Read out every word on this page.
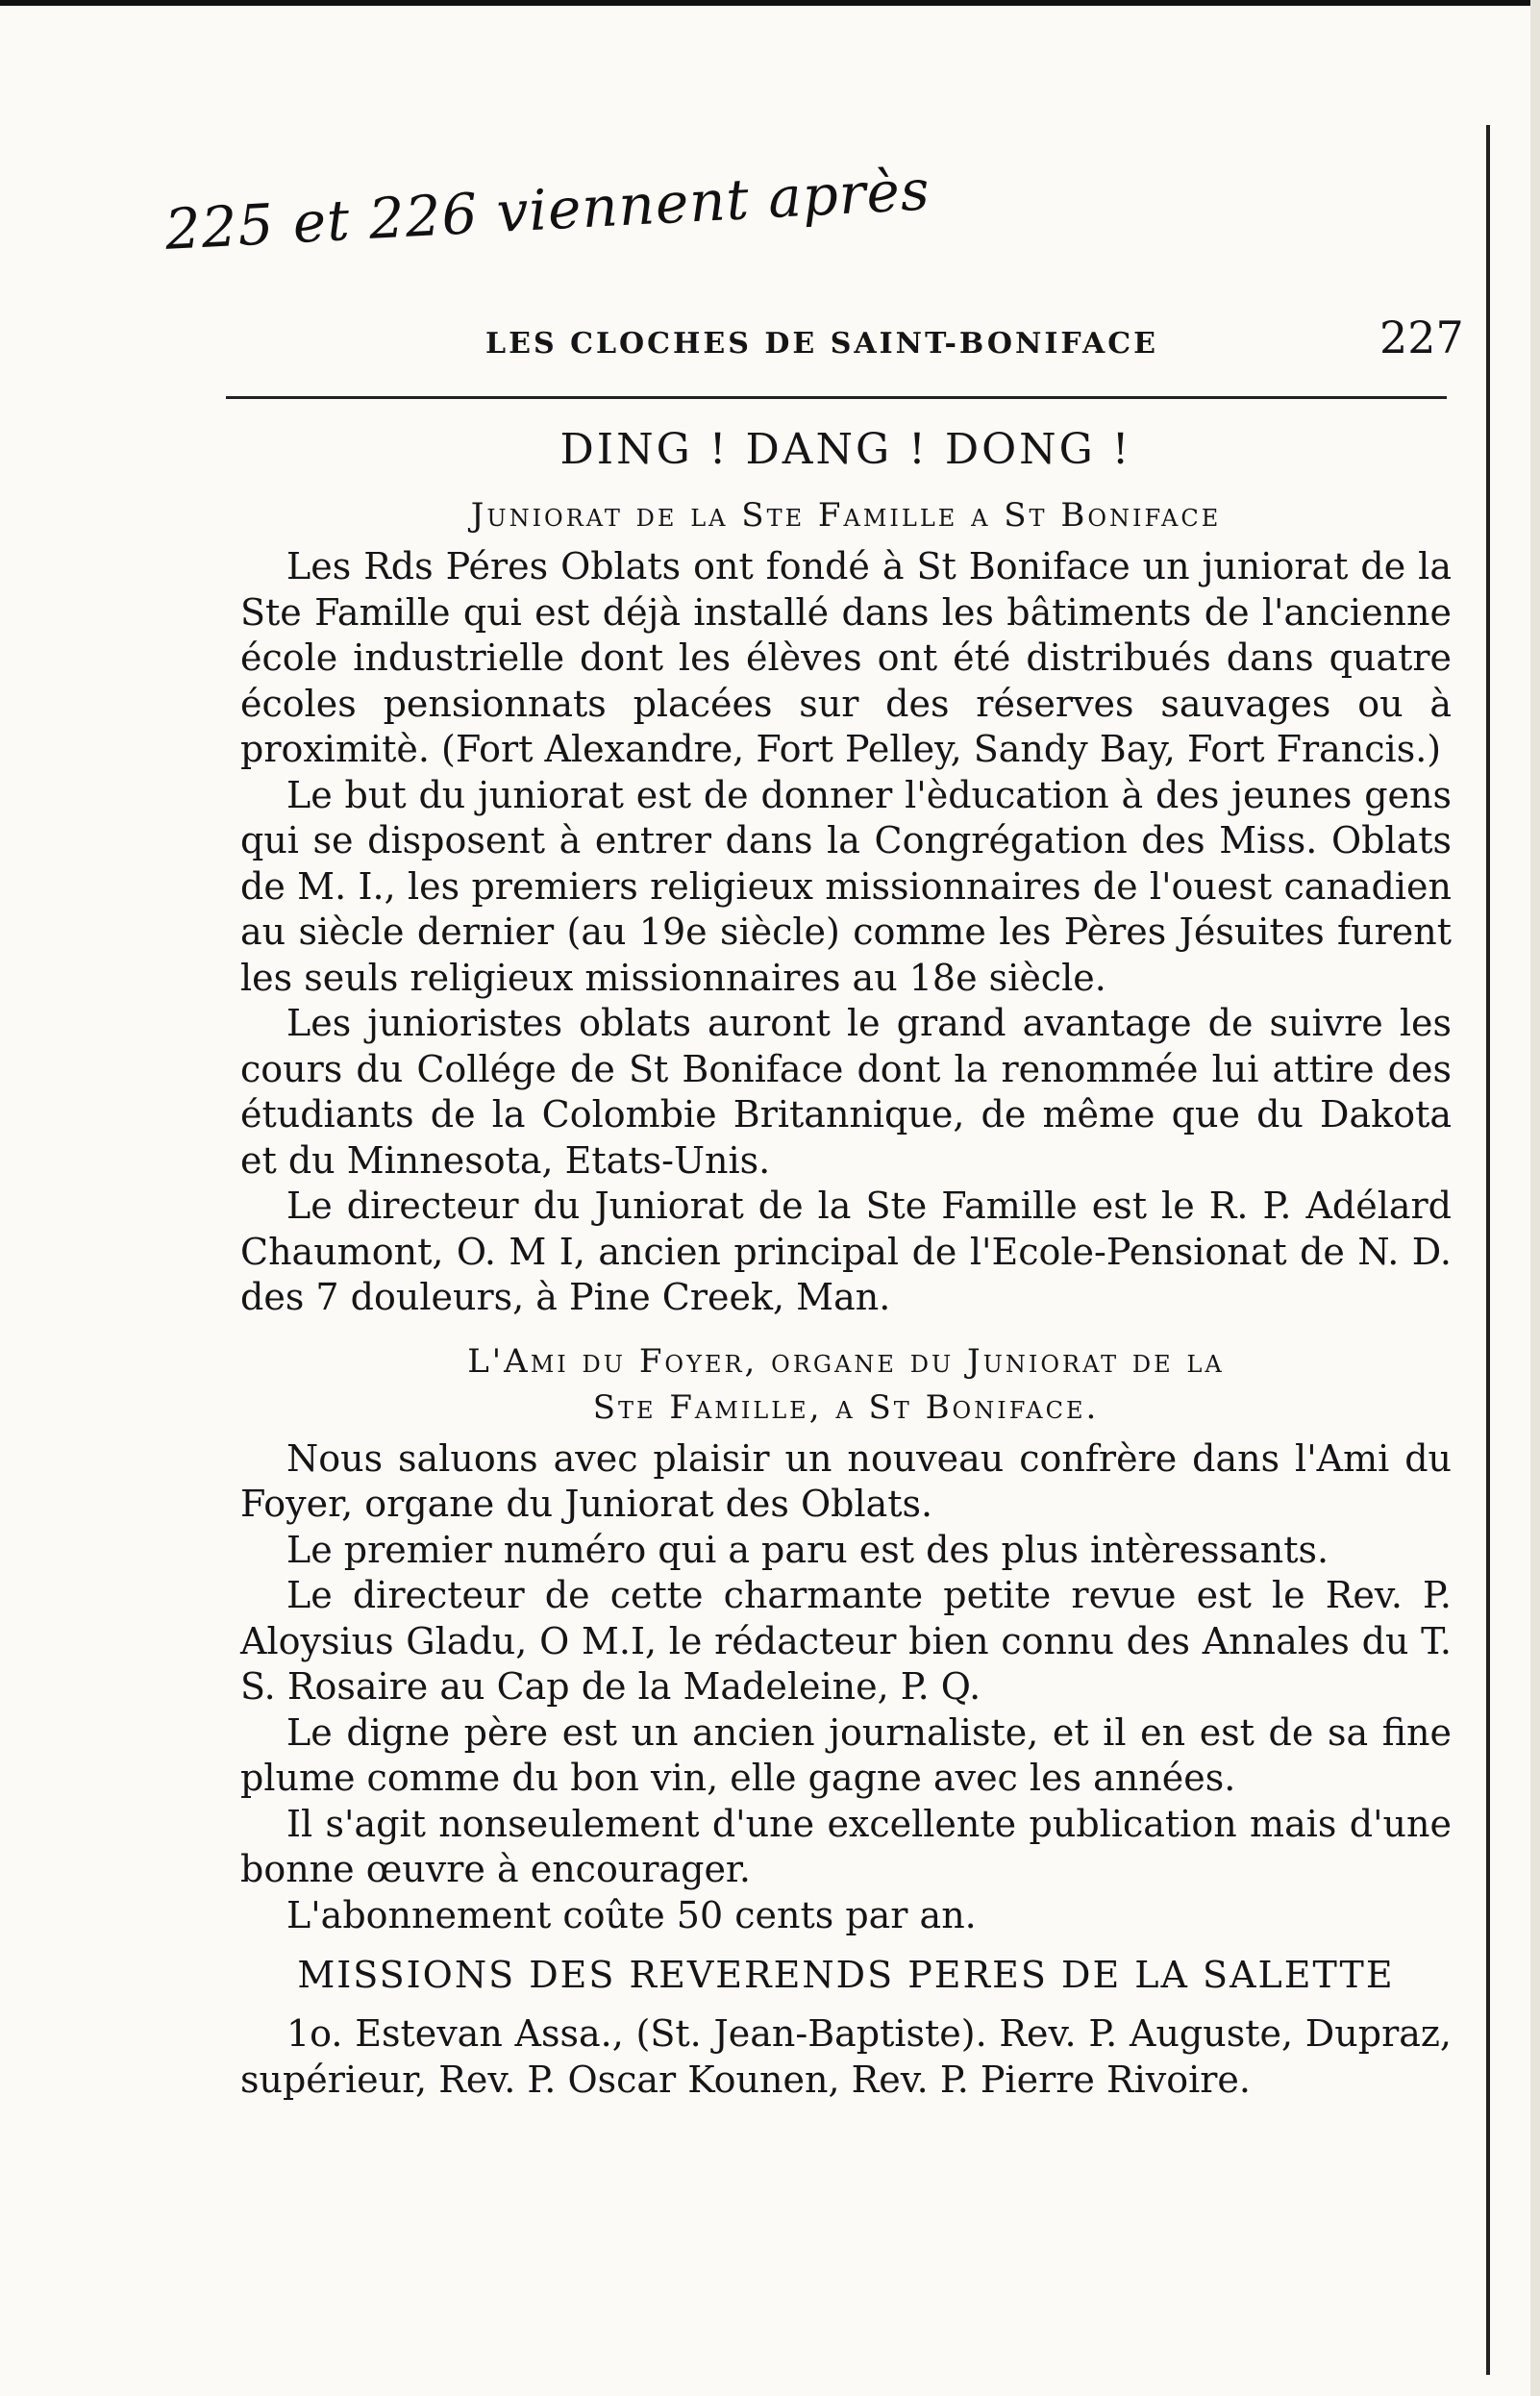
225 et 226 viennent après
LES CLOCHES DE SAINT-BONIFACE	227
DING ! DANG ! DONG !
Juniorat de la Ste Famille a St Boniface

Les Rds Péres Oblats ont fondé à St Boniface un juniorat de la Ste Famille qui est déjà installé dans les bâtiments de l'ancienne école industrielle dont les élèves ont été distribués dans quatre écoles pensionnats placées sur des réserves sauvages ou à proximitè. (Fort Alexandre, Fort Pelley, Sandy Bay, Fort Francis.)

Le but du juniorat est de donner l'èducation à des jeunes gens qui se disposent à entrer dans la Congrégation des Miss. Oblats de M. I., les premiers religieux missionnaires de l'ouest canadien au siècle dernier (au 19e siècle) comme les Pères Jésuites furent les seuls religieux missionnaires au 18e siècle.

Les junioristes oblats auront le grand avantage de suivre les cours du Collége de St Boniface dont la renommée lui attire des étudiants de la Colombie Britannique, de même que du Dakota et du Minnesota, Etats-Unis.

Le directeur du Juniorat de la Ste Famille est le R. P. Adélard Chaumont, O. M I, ancien principal de l'Ecole-Pensionat de N. D. des 7 douleurs, à Pine Creek, Man.

L'Ami du Foyer, organe du Juniorat de la
Ste Famille, a St Boniface.

Nous saluons avec plaisir un nouveau confrère dans l'Ami du Foyer, organe du Juniorat des Oblats.

Le premier numéro qui a paru est des plus intèressants.

Le directeur de cette charmante petite revue est le Rev. P. Aloysius Gladu, O M.I, le rédacteur bien connu des Annales du T. S. Rosaire au Cap de la Madeleine, P. Q.

Le digne père est un ancien journaliste, et il en est de sa fine plume comme du bon vin, elle gagne avec les années.

Il s'agit nonseulement d'une excellente publication mais d'une bonne œuvre à encourager.

L'abonnement coûte 50 cents par an.

MISSIONS DES REVERENDS PERES DE LA SALETTE

1o. Estevan Assa., (St. Jean-Baptiste). Rev. P. Auguste, Dupraz, supérieur, Rev. P. Oscar Kounen, Rev. P. Pierre Rivoire.
